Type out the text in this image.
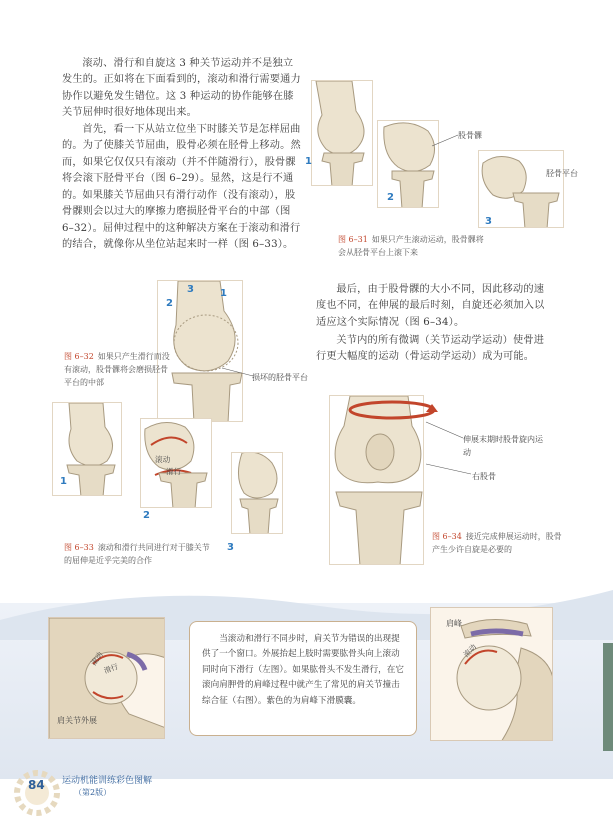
滚动、滑行和自旋这 3 种关节运动并不是独立发生的。正如将在下面看到的，滚动和滑行需要通力协作以避免发生错位。这 3 种运动的协作能够在膝关节屈伸时很好地体现出来。

首先，看一下从站立位坐下时膝关节是怎样屈曲的。为了使膝关节屈曲，股骨必须在胫骨上移动。然而，如果它仅仅只有滚动（并不伴随滑行），股骨髁将会滚下胫骨平台（图 6–29）。显然，这是行不通的。 如果膝关节屈曲只有滑行动作（没有滚动），股骨髁则会以过大的摩擦力磨损胫骨平台的中部（图 6–32）。屈伸过程中的这种解决方案在于滚动和滑行的结合，就像你从坐位站起来时一样（图 6–33）。

1
2
股骨髁
3
胫骨平台

图 6–31 如果只产生滚动运动，股骨髁将会从胫骨平台上滚下来

3
2
1

损坏的胫骨平台

图 6–32 如果只产生滑行而没有滚动，股骨髁将会磨损胫骨平台的中部

1
滚动
滑行
2
3

图 6–33 滚动和滑行共同进行对于膝关节的屈伸是近乎完美的合作

最后，由于股骨髁的大小不同，因此移动的速度也不同，在伸展的最后时刻，自旋还必须加入以适应这个实际情况（图 6–34）。

关节内的所有微调（关节运动学运动）使骨进行更大幅度的运动（骨运动学运动）成为可能。

伸展末期时股骨旋内运动

右股骨

图 6–34 接近完成伸展运动时，股骨产生少许自旋是必要的

滚动
滑行
肩关节外展
当滚动和滑行不同步时，肩关节为错误的出现提供了一个窗口。外展抬起上肢时需要肱骨头向上滚动同时向下滑行（左图）。如果肱骨头不发生滑行，在它滚向肩胛骨的肩峰过程中就产生了常见的肩关节撞击综合征（右图）。紫色的为肩峰下滑膜囊。
肩峰
滚动
84 运动机能训练彩色图解
（第2版）
